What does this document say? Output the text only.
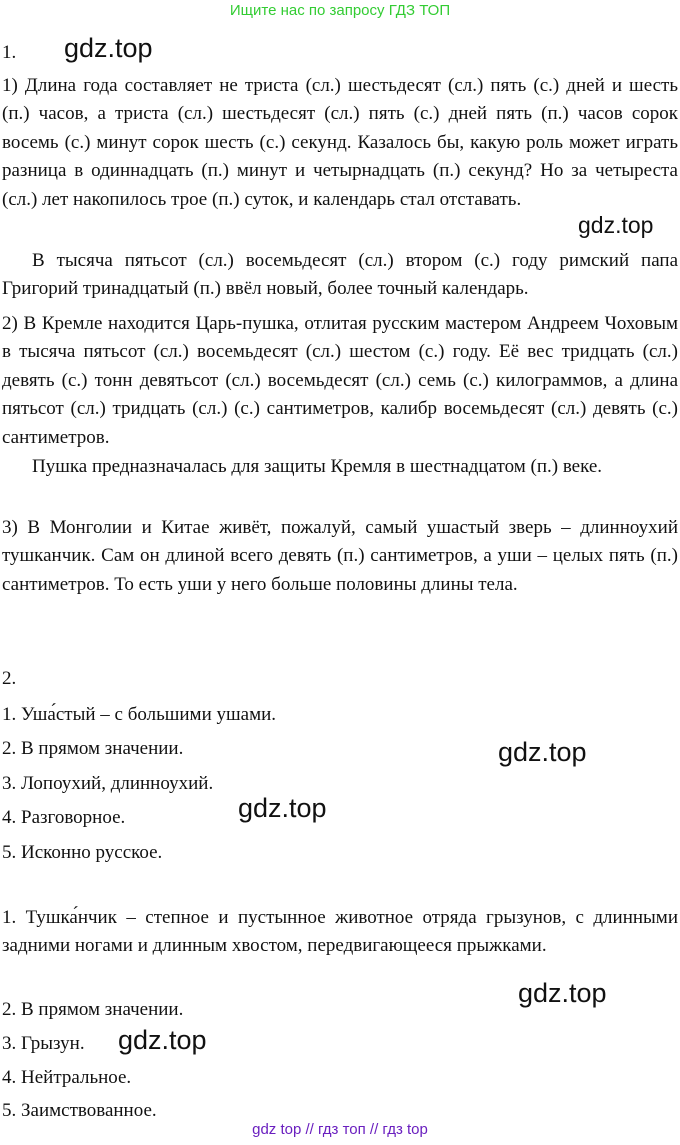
Ищите нас по запросу ГДЗ ТОП
1. gdz.top

1) Длина года составляет не триста (сл.) шестьдесят (сл.) пять (с.) дней и шесть (п.) часов, а триста (сл.) шестьдесят (сл.) пять (с.) дней пять (п.) часов сорок восемь (с.) минут сорок шесть (с.) секунд. Казалось бы, какую роль может играть разница в одиннадцать (п.) минут и четырнадцать (п.) секунд? Но за четыреста (сл.) лет накопилось трое (п.) суток, и календарь стал отставать.

gdz.top

В тысяча пятьсот (сл.) восемьдесят (сл.) втором (с.) году римский папа Григорий тринадцатый (п.) ввёл новый, более точный календарь.

2) В Кремле находится Царь-пушка, отлитая русским мастером Андреем Чоховым в тысяча пятьсот (сл.) восемьдесят (сл.) шестом (с.) году. Её вес тридцать (сл.) девять (с.) тонн девятьсот (сл.) восемьдесят (сл.) семь (с.) килограммов, а длина пятьсот (сл.) тридцать (сл.) (с.) сантиметров, калибр восемьдесят (сл.) девять (с.) сантиметров.

Пушка предназначалась для защиты Кремля в шестнадцатом (п.) веке.

3) В Монголии и Китае живёт, пожалуй, самый ушастый зверь – длинноухий тушканчик. Сам он длиной всего девять (п.) сантиметров, а уши – целых пять (п.) сантиметров. То есть уши у него больше половины длины тела.

2.
1. Уша́стый – с большими ушами.
2. В прямом значении.	gdz.top
3. Лопоухий, длинноухий.
4. Разговорное.	gdz.top
5. Исконно русское.

1. Тушка́нчик – степное и пустынное животное отряда грызунов, с длинными задними ногами и длинным хвостом, передвигающееся прыжками.

gdz.top
2. В прямом значении.
3. Грызун. gdz.top
4. Нейтральное.
5. Заимствованное.
gdz top // гдз топ // гдз top
